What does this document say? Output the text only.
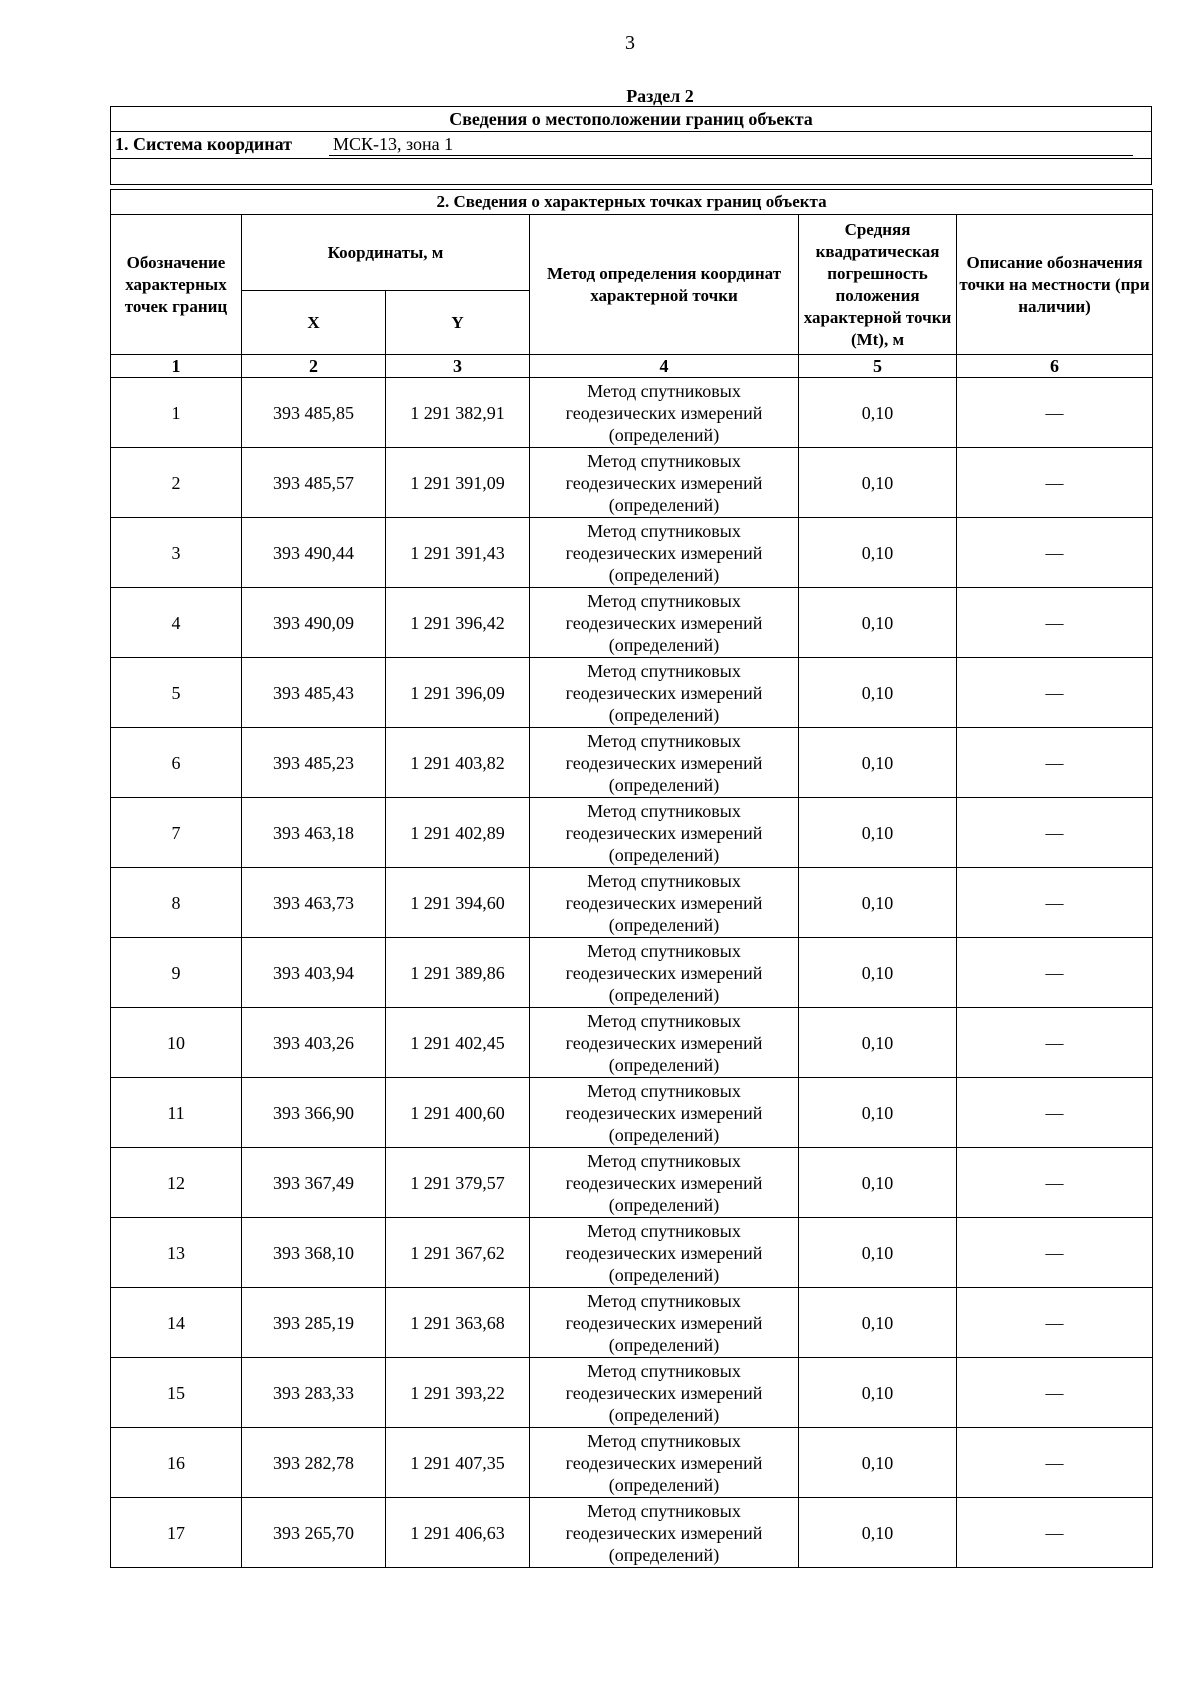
3
Раздел 2
Сведения о местоположении границ объекта
1. Система координат МСК-13, зона 1

2. Сведения о характерных точках границ объекта					
Обозначение характерных точек границ	Координаты, м		Метод определения координат характерной точки	Средняя квадратическая погрешность положения характерной точки (Mt), м	Описание обозначения точки на местности (при наличии)
	X	Y			
1	2	3	4	5	6
1	393 485,85	1 291 382,91	Метод спутниковых геодезических измерений (определений)	0,10	—
2	393 485,57	1 291 391,09	Метод спутниковых геодезических измерений (определений)	0,10	—
3	393 490,44	1 291 391,43	Метод спутниковых геодезических измерений (определений)	0,10	—
4	393 490,09	1 291 396,42	Метод спутниковых геодезических измерений (определений)	0,10	—
5	393 485,43	1 291 396,09	Метод спутниковых геодезических измерений (определений)	0,10	—
6	393 485,23	1 291 403,82	Метод спутниковых геодезических измерений (определений)	0,10	—
7	393 463,18	1 291 402,89	Метод спутниковых геодезических измерений (определений)	0,10	—
8	393 463,73	1 291 394,60	Метод спутниковых геодезических измерений (определений)	0,10	—
9	393 403,94	1 291 389,86	Метод спутниковых геодезических измерений (определений)	0,10	—
10	393 403,26	1 291 402,45	Метод спутниковых геодезических измерений (определений)	0,10	—
11	393 366,90	1 291 400,60	Метод спутниковых геодезических измерений (определений)	0,10	—
12	393 367,49	1 291 379,57	Метод спутниковых геодезических измерений (определений)	0,10	—
13	393 368,10	1 291 367,62	Метод спутниковых геодезических измерений (определений)	0,10	—
14	393 285,19	1 291 363,68	Метод спутниковых геодезических измерений (определений)	0,10	—
15	393 283,33	1 291 393,22	Метод спутниковых геодезических измерений (определений)	0,10	—
16	393 282,78	1 291 407,35	Метод спутниковых геодезических измерений (определений)	0,10	—
17	393 265,70	1 291 406,63	Метод спутниковых геодезических измерений (определений)	0,10	—
